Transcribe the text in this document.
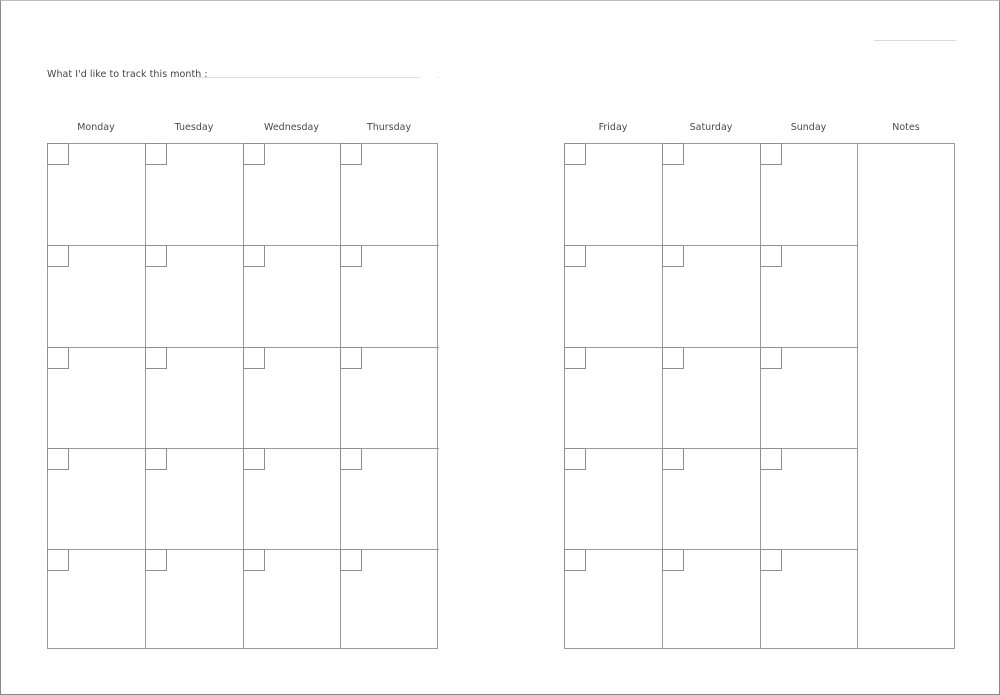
What I'd like to track this month :
Monday	Tuesday	Wednesday	Thursday	Friday	Saturday	Sunday	Notes
